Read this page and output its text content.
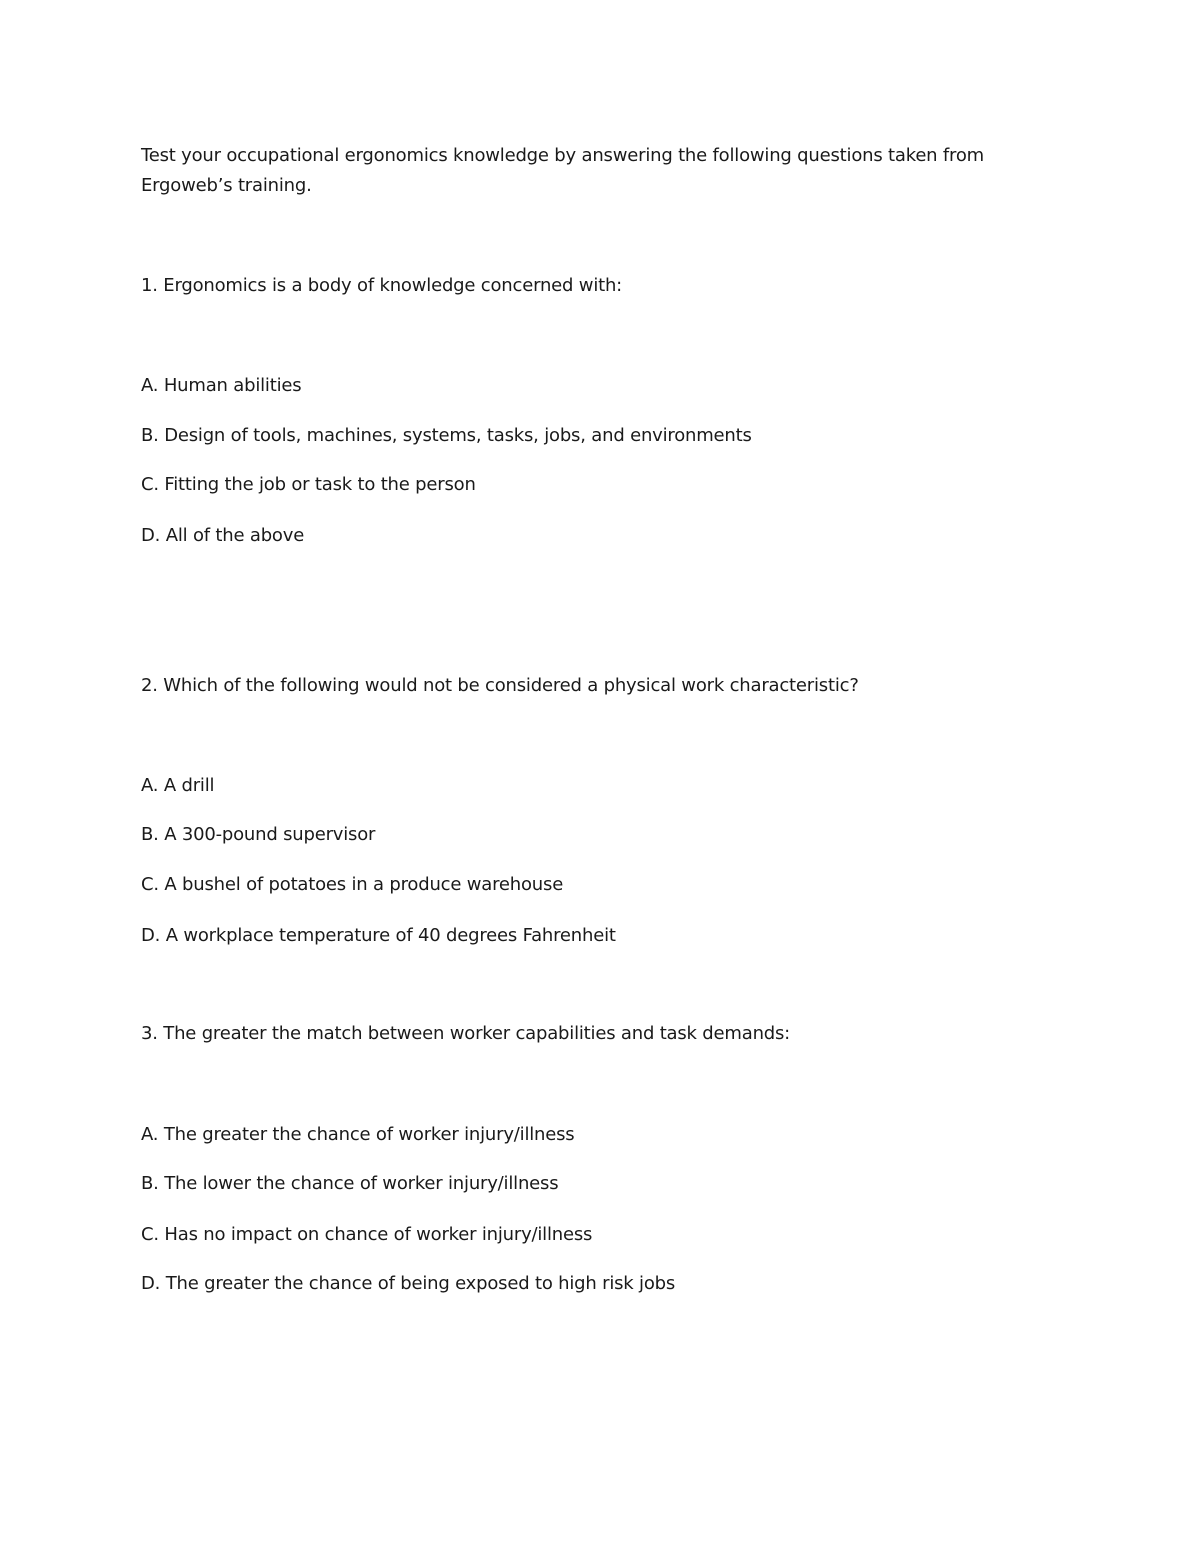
Test your occupational ergonomics knowledge by answering the following questions taken from
Ergoweb’s training.
1. Ergonomics is a body of knowledge concerned with:
A. Human abilities
B. Design of tools, machines, systems, tasks, jobs, and environments
C. Fitting the job or task to the person
D. All of the above
2. Which of the following would not be considered a physical work characteristic?
A. A drill
B. A 300-pound supervisor
C. A bushel of potatoes in a produce warehouse
D. A workplace temperature of 40 degrees Fahrenheit
3. The greater the match between worker capabilities and task demands:
A. The greater the chance of worker injury/illness
B. The lower the chance of worker injury/illness
C. Has no impact on chance of worker injury/illness
D. The greater the chance of being exposed to high risk jobs
